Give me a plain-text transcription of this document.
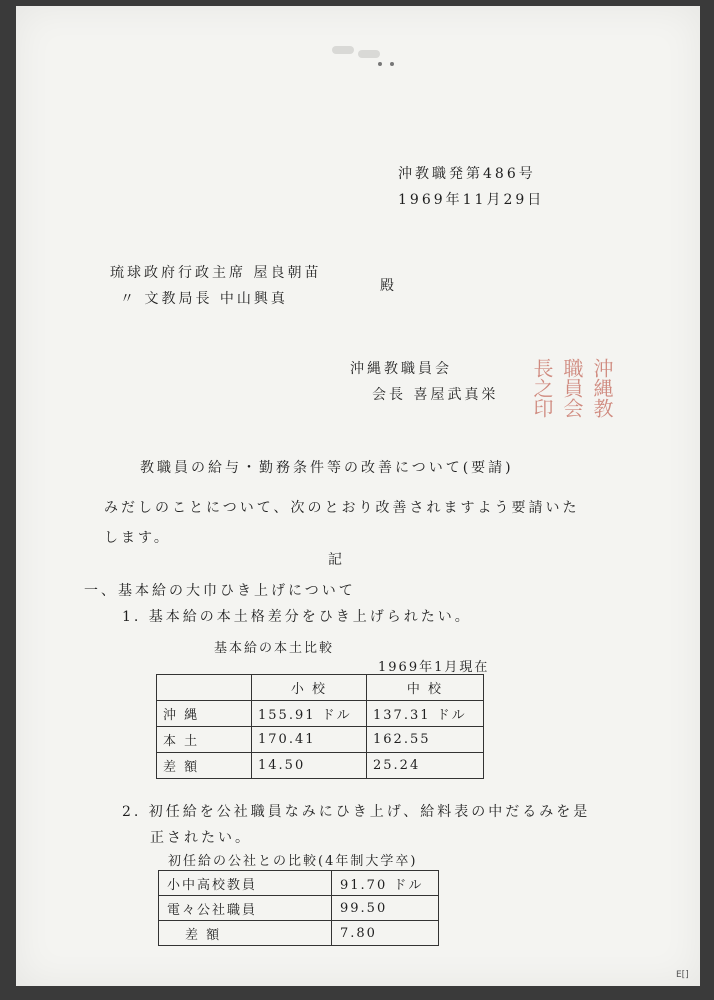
沖教職発第486号
1969年11月29日
琉球政府行政主席 屋良朝苗
〃 文教局長 中山興真
殿
沖縄教職員会
会長 喜屋武真栄	沖縄教
職員会
長之印
教職員の給与・勤務条件等の改善について(要請)
みだしのことについて、次のとおり改善されますよう要請いたします。
記
一、基本給の大巾ひき上げについて
1. 基本給の本土格差分をひき上げられたい。
基本給の本土比較
1969年1月現在
	小 校	中 校
沖 縄	155.91 ドル	137.31 ドル
本 土	170.41	162.55
差 額	14.50	25.24
2. 初任給を公社職員なみにひき上げ、給料表の中だるみを是
正されたい。
初任給の公社との比較(4年制大学卒)
小中高校教員	91.70 ドル
電々公社職員	99.50
差 額	7.80
E[]
